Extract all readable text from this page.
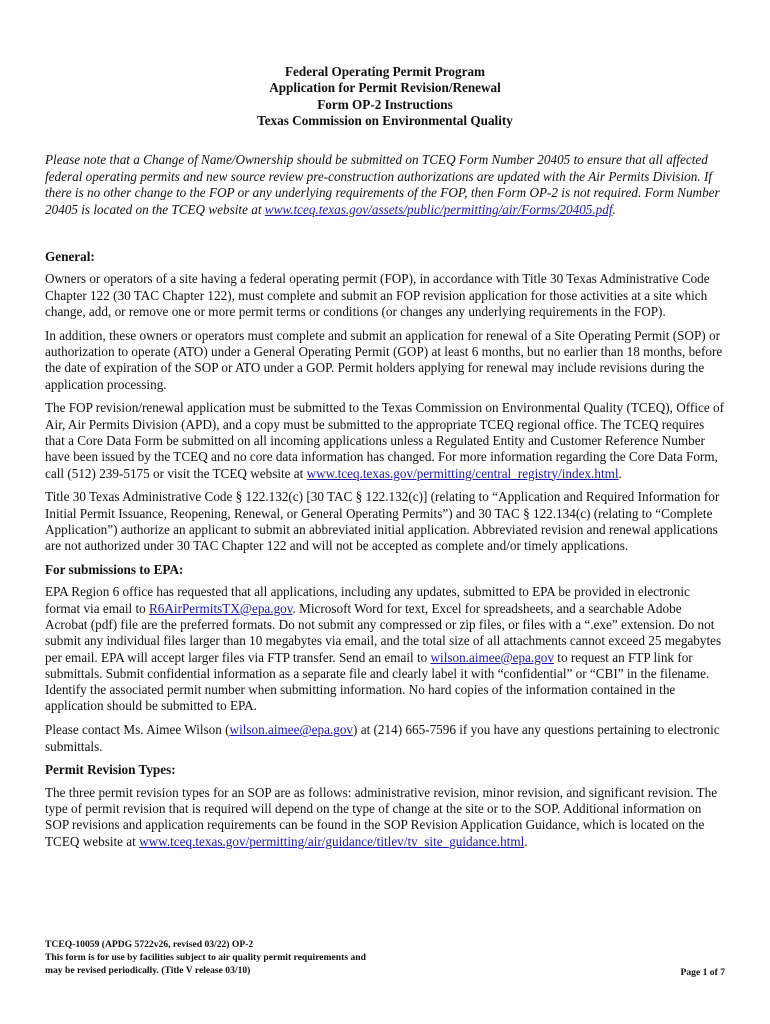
Federal Operating Permit Program
Application for Permit Revision/Renewal
Form OP-2 Instructions
Texas Commission on Environmental Quality

Please note that a Change of Name/Ownership should be submitted on TCEQ Form Number 20405 to ensure that all affected federal operating permits and new source review pre-construction authorizations are updated with the Air Permits Division. If there is no other change to the FOP or any underlying requirements of the FOP, then Form OP-2 is not required. Form Number 20405 is located on the TCEQ website at www.tceq.texas.gov/assets/public/permitting/air/Forms/20405.pdf.

General:

Owners or operators of a site having a federal operating permit (FOP), in accordance with Title 30 Texas Administrative Code Chapter 122 (30 TAC Chapter 122), must complete and submit an FOP revision application for those activities at a site which change, add, or remove one or more permit terms or conditions (or changes any underlying requirements in the FOP).

In addition, these owners or operators must complete and submit an application for renewal of a Site Operating Permit (SOP) or authorization to operate (ATO) under a General Operating Permit (GOP) at least 6 months, but no earlier than 18 months, before the date of expiration of the SOP or ATO under a GOP. Permit holders applying for renewal may include revisions during the application processing.

The FOP revision/renewal application must be submitted to the Texas Commission on Environmental Quality (TCEQ), Office of Air, Air Permits Division (APD), and a copy must be submitted to the appropriate TCEQ regional office. The TCEQ requires that a Core Data Form be submitted on all incoming applications unless a Regulated Entity and Customer Reference Number have been issued by the TCEQ and no core data information has changed. For more information regarding the Core Data Form, call (512) 239-5175 or visit the TCEQ website at www.tceq.texas.gov/permitting/central_registry/index.html.

Title 30 Texas Administrative Code § 122.132(c) [30 TAC § 122.132(c)] (relating to “Application and Required Information for Initial Permit Issuance, Reopening, Renewal, or General Operating Permits”) and 30 TAC § 122.134(c) (relating to “Complete Application”) authorize an applicant to submit an abbreviated initial application. Abbreviated revision and renewal applications are not authorized under 30 TAC Chapter 122 and will not be accepted as complete and/or timely applications.

For submissions to EPA:

EPA Region 6 office has requested that all applications, including any updates, submitted to EPA be provided in electronic format via email to R6AirPermitsTX@epa.gov. Microsoft Word for text, Excel for spreadsheets, and a searchable Adobe Acrobat (pdf) file are the preferred formats. Do not submit any compressed or zip files, or files with a “.exe” extension. Do not submit any individual files larger than 10 megabytes via email, and the total size of all attachments cannot exceed 25 megabytes per email. EPA will accept larger files via FTP transfer. Send an email to wilson.aimee@epa.gov to request an FTP link for submittals. Submit confidential information as a separate file and clearly label it with “confidential” or “CBI” in the filename. Identify the associated permit number when submitting information. No hard copies of the information contained in the application should be submitted to EPA.

Please contact Ms. Aimee Wilson (wilson.aimee@epa.gov) at (214) 665-7596 if you have any questions pertaining to electronic submittals.

Permit Revision Types:

The three permit revision types for an SOP are as follows: administrative revision, minor revision, and significant revision. The type of permit revision that is required will depend on the type of change at the site or to the SOP. Additional information on SOP revisions and application requirements can be found in the SOP Revision Application Guidance, which is located on the TCEQ website at www.tceq.texas.gov/permitting/air/guidance/titlev/tv_site_guidance.html.

TCEQ-10059 (APDG 5722v26, revised 03/22) OP-2
This form is for use by facilities subject to air quality permit requirements and
may be revised periodically. (Title V release 03/10)	Page 1 of 7
